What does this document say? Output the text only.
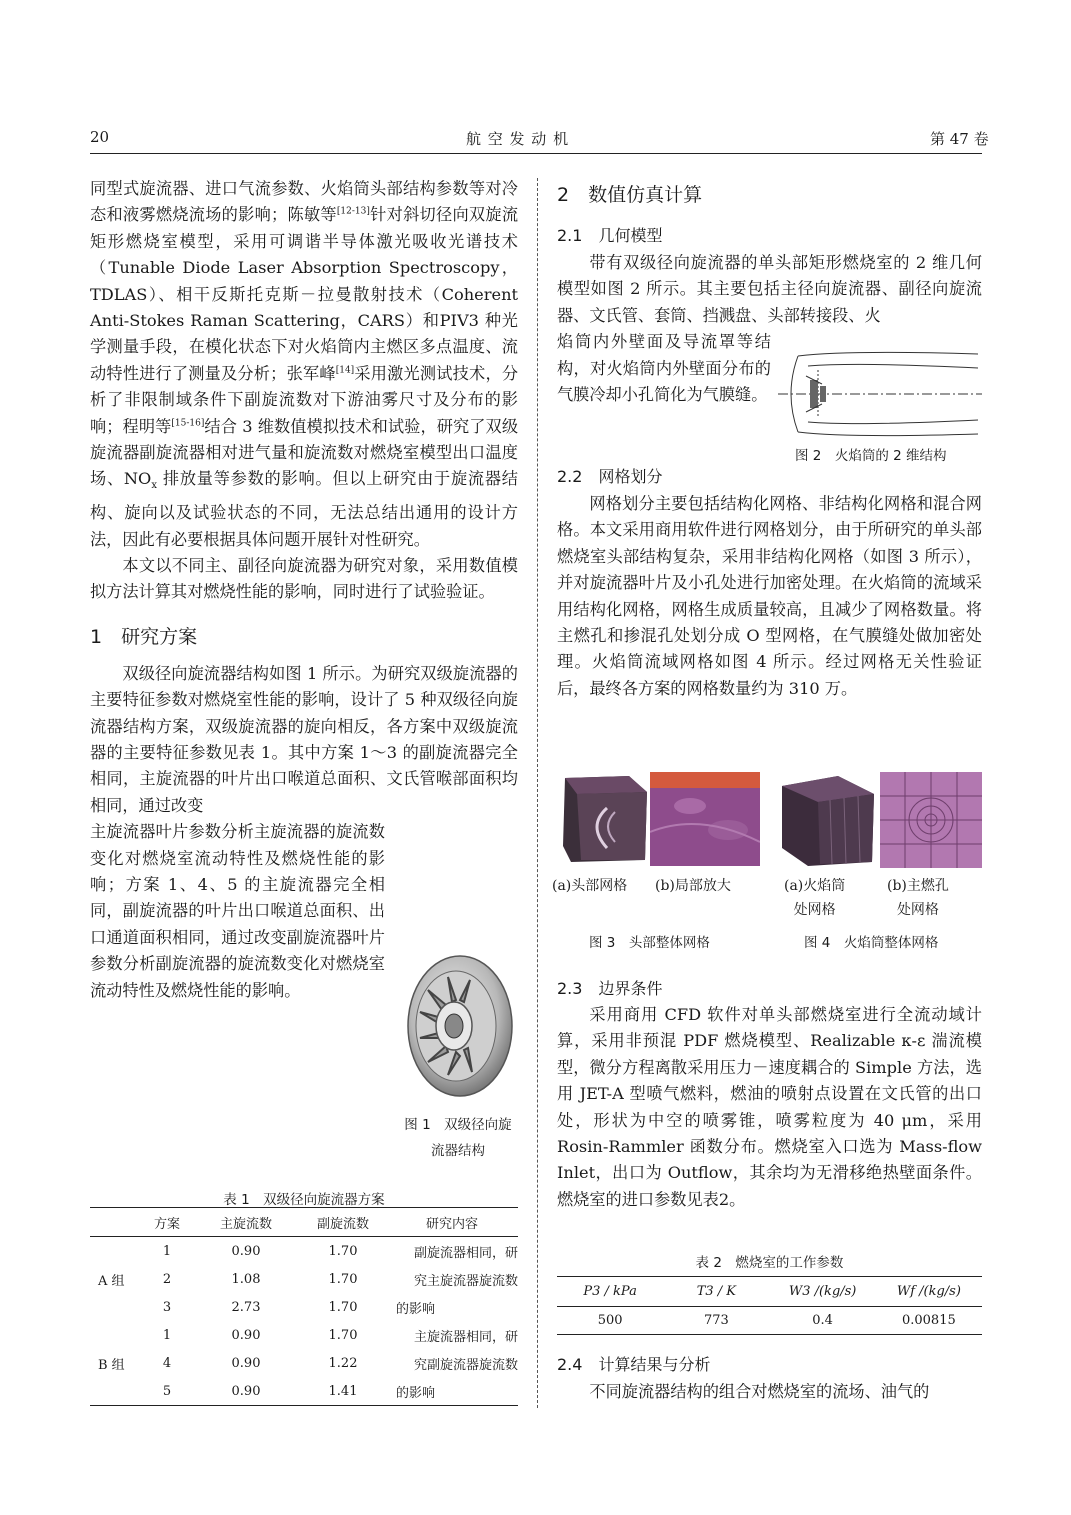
20	航 空 发 动 机	第 47 卷

同型式旋流器、进口气流参数、火焰筒头部结构参数等对冷态和液雾燃烧流场的影响；陈敏等[12-13]针对斜切径向双旋流矩形燃烧室模型，采用可调谐半导体激光吸收光谱技术（Tunable Diode Laser Absorption Spectroscopy，TDLAS）、相干反斯托克斯－拉曼散射技术（Coherent Anti-Stokes Raman Scattering，CARS）和PIV3 种光学测量手段，在模化状态下对火焰筒内主燃区多点温度、流动特性进行了测量及分析；张军峰[14]采用激光测试技术，分析了非限制域条件下副旋流数对下游油雾尺寸及分布的影响；程明等[15-16]结合 3 维数值模拟技术和试验，研究了双级旋流器副旋流器相对进气量和旋流数对燃烧室模型出口温度场、$NO_x$ 排放量等参数的影响。但以上研究由于旋流器结构、旋向以及试验状态的不同，无法总结出通用的设计方法，因此有必要根据具体问题开展针对性研究。

本文以不同主、副径向旋流器为研究对象，采用数值模拟方法计算其对燃烧性能的影响，同时进行了试验验证。

1　研究方案

双级径向旋流器结构如图 1 所示。为研究双级旋流器的主要特征参数对燃烧室性能的影响，设计了 5 种双级径向旋流器结构方案，双级旋流器的旋向相反，各方案中双级旋流器的主要特征参数见表 1。其中方案 1～3 的副旋流器完全相同，主旋流器的叶片出口喉道总面积、文氏管喉部面积均相同，通过改变

主旋流器叶片参数分析主旋流器的旋流数变化对燃烧室流动特性及燃烧性能的影响；方案 1、4、5 的主旋流器完全相同，副旋流器的叶片出口喉道总面积、出口通道面积相同，通过改变副旋流器叶片参数分析副旋流器的旋流数变化对燃烧室流动特性及燃烧性能的影响。

图 1　双级径向旋
流器结构
表 1　双级径向旋流器方案
	方案	主旋流数	副旋流数	研究内容
A 组	1	0.90	1.70	副旋流器相同，研
	2	1.08	1.70	究主旋流器旋流数
	3	2.73	1.70	的影响
B 组	1	0.90	1.70	主旋流器相同，研
	4	0.90	1.22	究副旋流器旋流数
	5	0.90	1.41	的影响
2　数值仿真计算
2.1　几何模型

带有双级径向旋流器的单头部矩形燃烧室的 2 维几何模型如图 2 所示。其主要包括主径向旋流器、副径向旋流器、文氏管、套筒、挡溅盘、头部转接段、火

焰筒内外壁面及导流罩等结构，对火焰筒内外壁面分布的气膜冷却小孔简化为气膜缝。

图 2　火焰筒的 2 维结构
2.2　网格划分

网格划分主要包括结构化网格、非结构化网格和混合网格。本文采用商用软件进行网格划分，由于所研究的单头部燃烧室头部结构复杂，采用非结构化网格（如图 3 所示），并对旋流器叶片及小孔处进行加密处理。在火焰筒的流域采用结构化网格，网格生成质量较高，且减少了网格数量。将主燃孔和掺混孔处划分成 O 型网格，在气膜缝处做加密处理。火焰筒流域网格如图 4 所示。经过网格无关性验证后，最终各方案的网格数量约为 310 万。

(a)头部网格 (b)局部放大	(a)火焰筒
处网格
(b)主燃孔
处网格
图 3　头部整体网格	图 4　火焰筒整体网格
2.3　边界条件

采用商用 CFD 软件对单头部燃烧室进行全流动域计算，采用非预混 PDF 燃烧模型、Realizable κ-ε 湍流模型，微分方程离散采用压力－速度耦合的 Simple 方法，选用 JET-A 型喷气燃料，燃油的喷射点设置在文氏管的出口处，形状为中空的喷雾锥，喷雾粒度为 40 μm，采用 Rosin-Rammler 函数分布。燃烧室入口选为 Mass-flow Inlet，出口为 Outflow，其余均为无滑移绝热壁面条件。燃烧室的进口参数见表2。

表 2　燃烧室的工作参数
P3 / kPa	T3 / K	W3 /(kg/s)	Wf /(kg/s)
500	773	0.4	0.00815
2.4　计算结果与分析

不同旋流器结构的组合对燃烧室的流场、油气的
